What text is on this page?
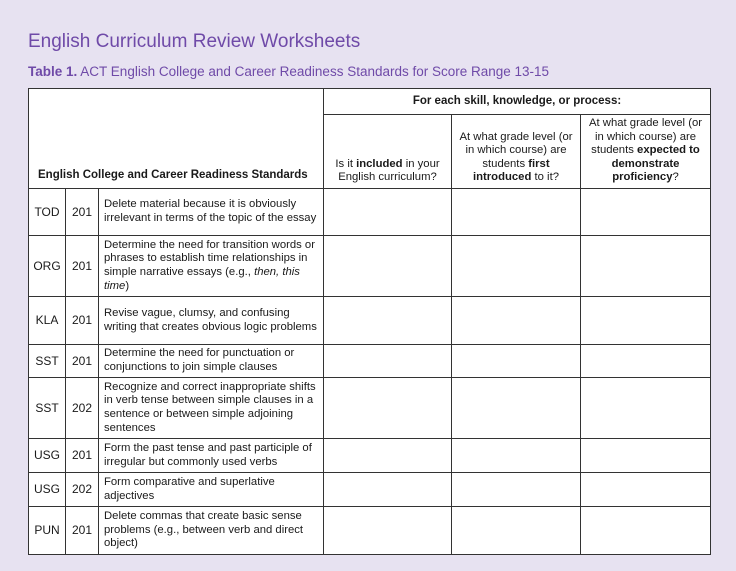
English Curriculum Review Worksheets

Table 1. ACT English College and Career Readiness Standards for Score Range 13-15

English College and Career Readiness Standards			For each skill, knowledge, or process:		
			Is it included in your English curriculum?	At what grade level (or in which course) are students first introduced to it?	At what grade level (or in which course) are students expected to demonstrate proficiency?
TOD	201	Delete material because it is obviously irrelevant in terms of the topic of the essay			
ORG	201	Determine the need for transition words or phrases to establish time relationships in simple narrative essays (e.g., then, this time)			
KLA	201	Revise vague, clumsy, and confusing writing that creates obvious logic problems			
SST	201	Determine the need for punctuation or conjunctions to join simple clauses			
SST	202	Recognize and correct inappropriate shifts in verb tense between simple clauses in a sentence or between simple adjoining sentences			
USG	201	Form the past tense and past participle of irregular but commonly used verbs			
USG	202	Form comparative and superlative adjectives			
PUN	201	Delete commas that create basic sense problems (e.g., between verb and direct object)			
